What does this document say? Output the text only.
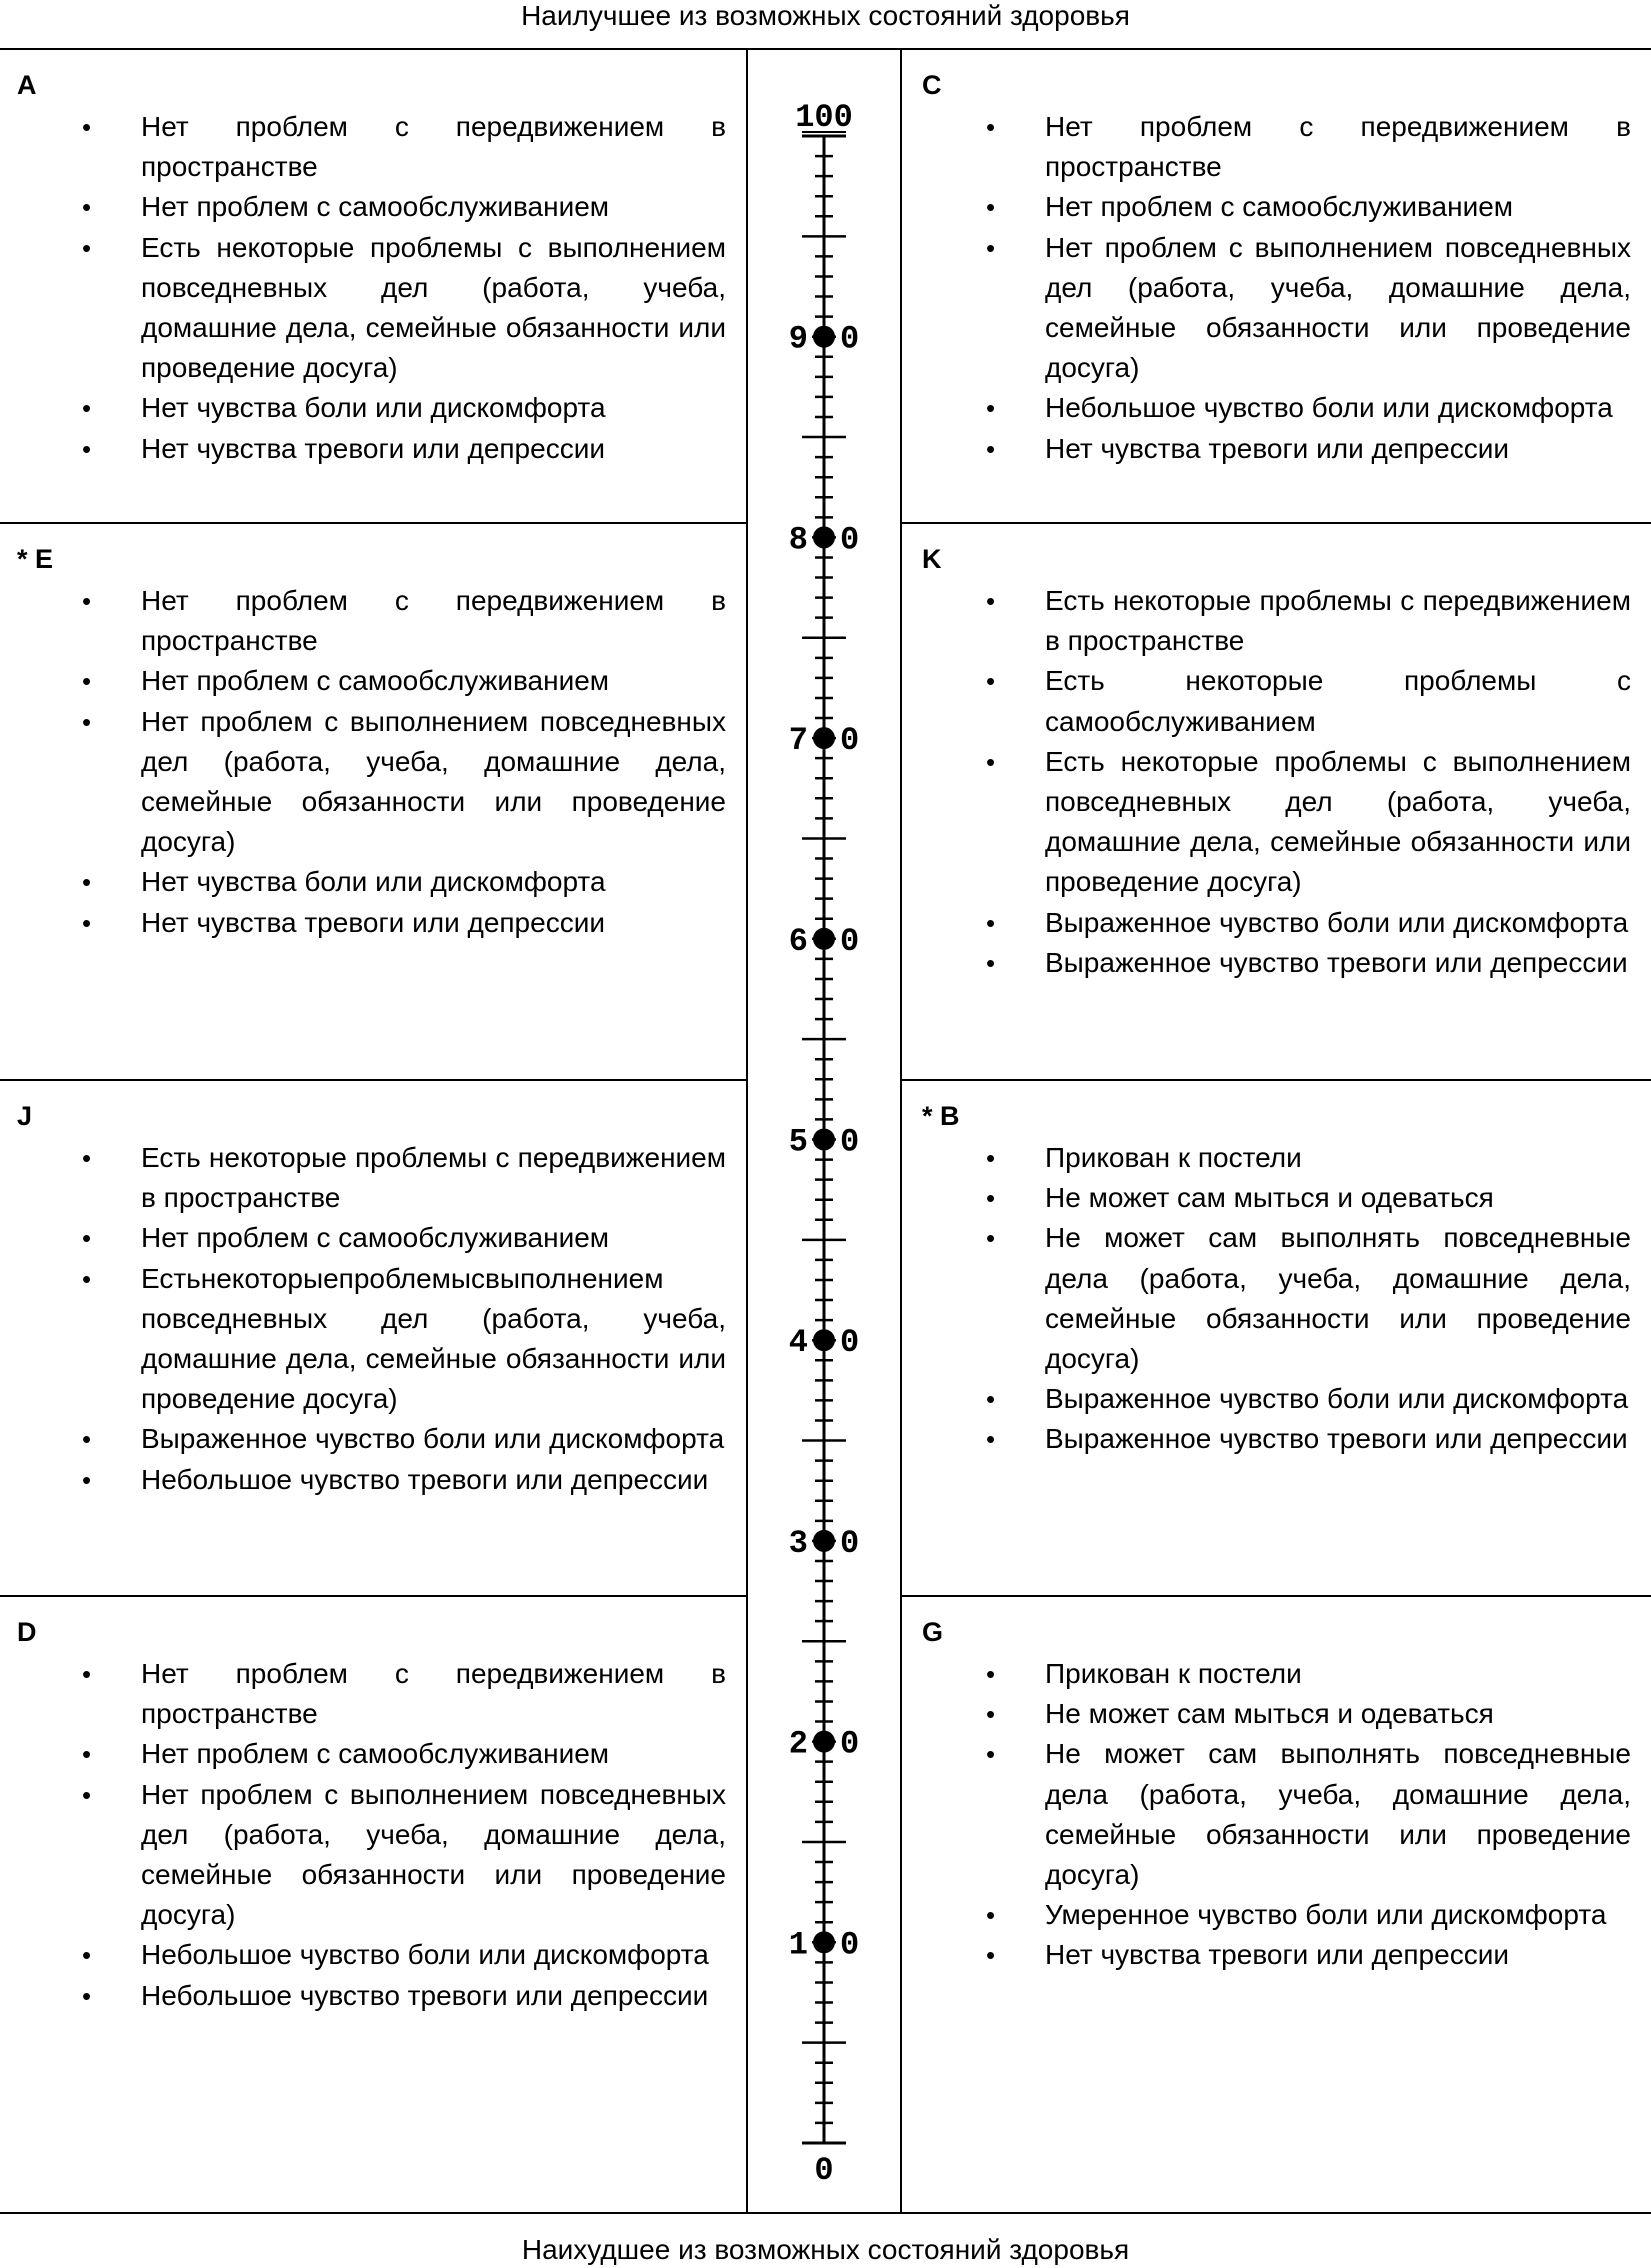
Наилучшее из возможных состояний здоровья
Наихудшее из возможных состояний здоровья
A
• Нет проблем с передвижением в пространстве
• Нет проблем с самообслуживанием
• Есть некоторые проблемы с выполнением повседневных дел (работа, учеба, домашние дела, семейные обязанности или проведение досуга)
• Нет чувства боли или дискомфорта
• Нет чувства тревоги или депрессии
* E
• Нет проблем с передвижением в пространстве
• Нет проблем с самообслуживанием
• Нет проблем с выполнением повседневных дел (работа, учеба, домашние дела, семейные обязанности или проведение досуга)
• Нет чувства боли или дискомфорта
• Нет чувства тревоги или депрессии
J
• Есть некоторые проблемы с передвижением в пространстве
• Нет проблем с самообслуживанием
• Естьнекоторыепроблемысвыполнением повседневных дел (работа, учеба, домашние дела, семейные обязанности или проведение досуга)
• Выраженное чувство боли или дискомфорта
• Небольшое чувство тревоги или депрессии
D
• Нет проблем с передвижением в пространстве
• Нет проблем с самообслуживанием
• Нет проблем с выполнением повседневных дел (работа, учеба, домашние дела, семейные обязанности или проведение досуга)
• Небольшое чувство боли или дискомфорта
• Небольшое чувство тревоги или депрессии
C
• Нет проблем с передвижением в пространстве
• Нет проблем с самообслуживанием
• Нет проблем с выполнением повседневных дел (работа, учеба, домашние дела, семейные обязанности или проведение досуга)
• Небольшое чувство боли или дискомфорта
• Нет чувства тревоги или депрессии
K
• Есть некоторые проблемы с передвижением в пространстве
• Есть некоторые проблемы с самообслуживанием
• Есть некоторые проблемы с выполнением повседневных дел (работа, учеба, домашние дела, семейные обязанности или проведение досуга)
• Выраженное чувство боли или дискомфорта
• Выраженное чувство тревоги или депрессии
* B
• Прикован к постели
• Не может сам мыться и одеваться
• Не может сам выполнять повседневные дела (работа, учеба, домашние дела, семейные обязанности или проведение досуга)
• Выраженное чувство боли или дискомфорта
• Выраженное чувство тревоги или депрессии
G
• Прикован к постели
• Не может сам мыться и одеваться
• Не может сам выполнять повседневные дела (работа, учеба, домашние дела, семейные обязанности или проведение досуга)
• Умеренное чувство боли или дискомфорта
• Нет чувства тревоги или депрессии
100
9 0
8 0
7 0
6 0
5 0
4 0
3 0
2 0
1 0
0
